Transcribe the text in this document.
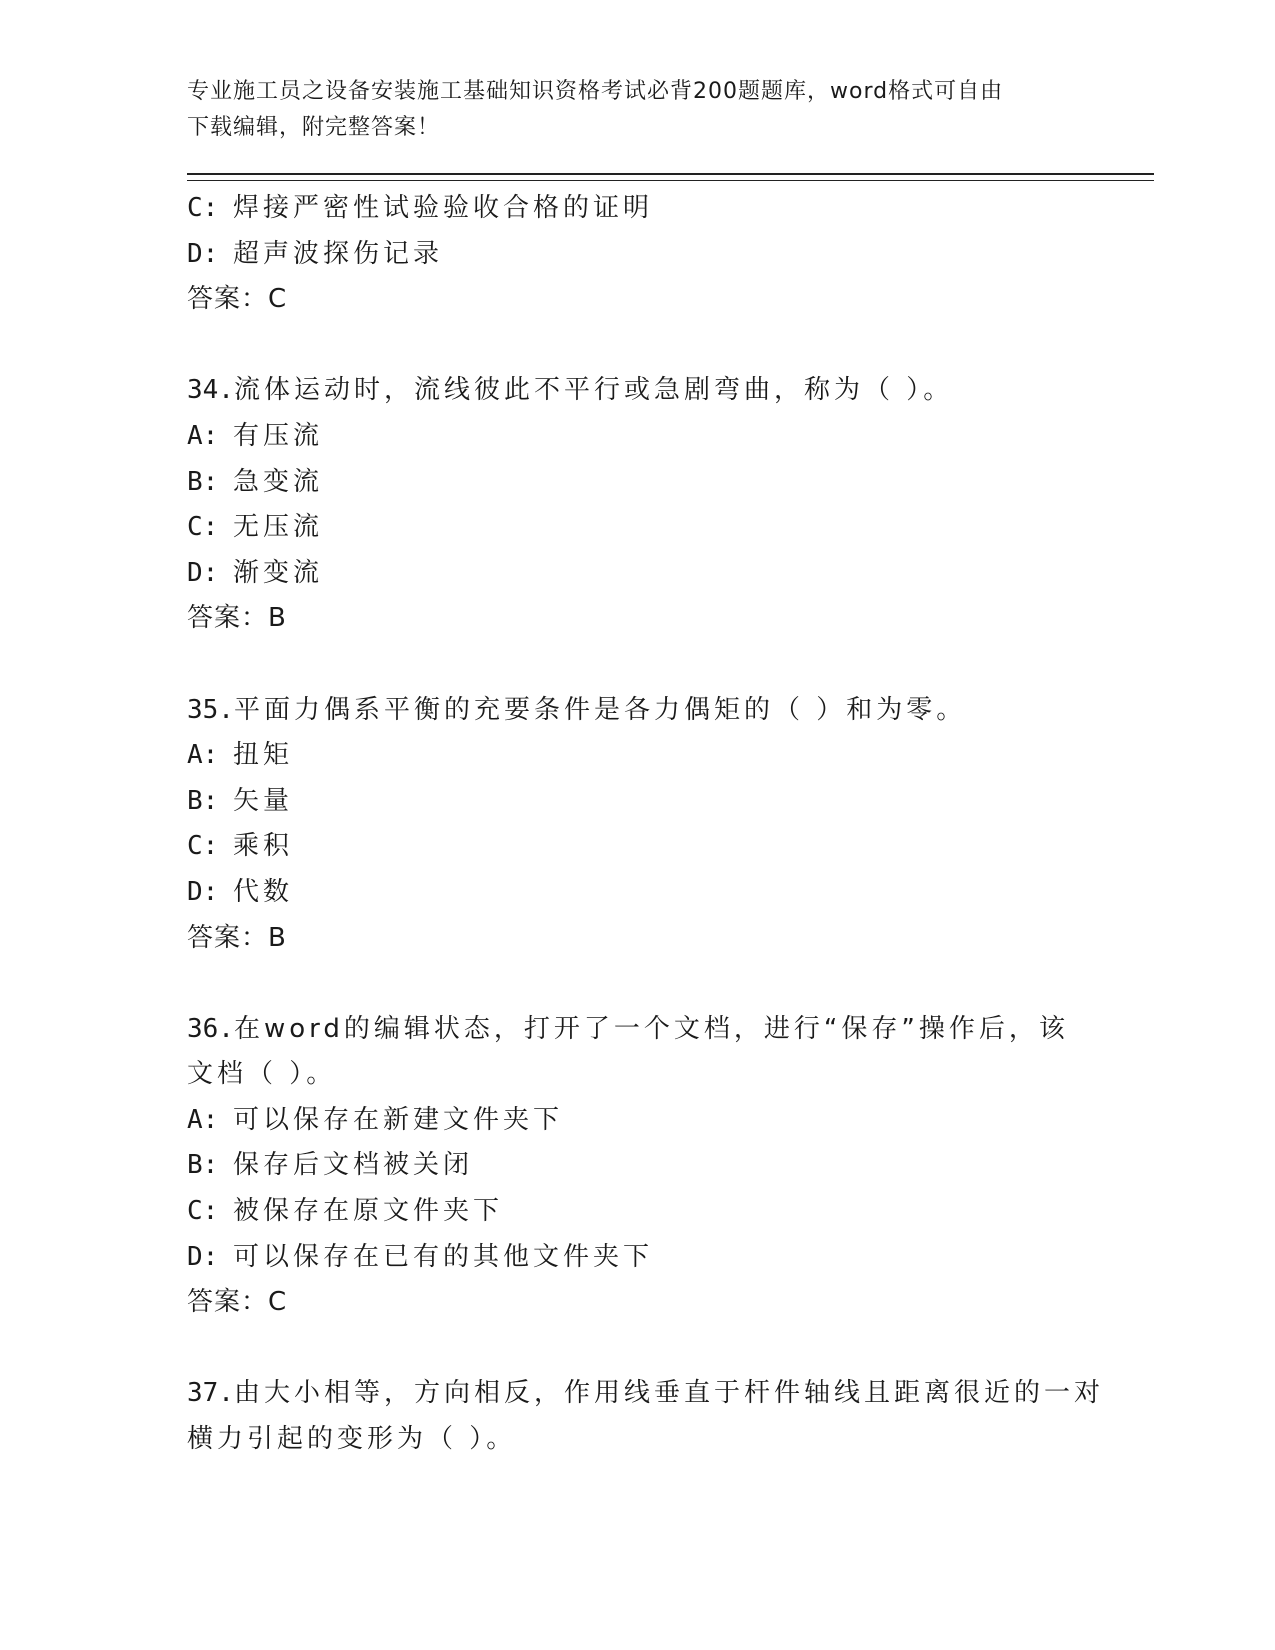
专业施工员之设备安装施工基础知识资格考试必背200题题库，word格式可自由
下载编辑，附完整答案！
C: 焊接严密性试验验收合格的证明
D: 超声波探伤记录
答案：C
34.流体运动时，流线彼此不平行或急剧弯曲，称为（ ）。
A: 有压流
B: 急变流
C: 无压流
D: 渐变流
答案：B
35.平面力偶系平衡的充要条件是各力偶矩的（ ）和为零。
A: 扭矩
B: 矢量
C: 乘积
D: 代数
答案：B
36.在word的编辑状态，打开了一个文档，进行“保存”操作后，该
文档（ ）。
A: 可以保存在新建文件夹下
B: 保存后文档被关闭
C: 被保存在原文件夹下
D: 可以保存在已有的其他文件夹下
答案：C
37.由大小相等，方向相反，作用线垂直于杆件轴线且距离很近的一对
横力引起的变形为（ ）。
